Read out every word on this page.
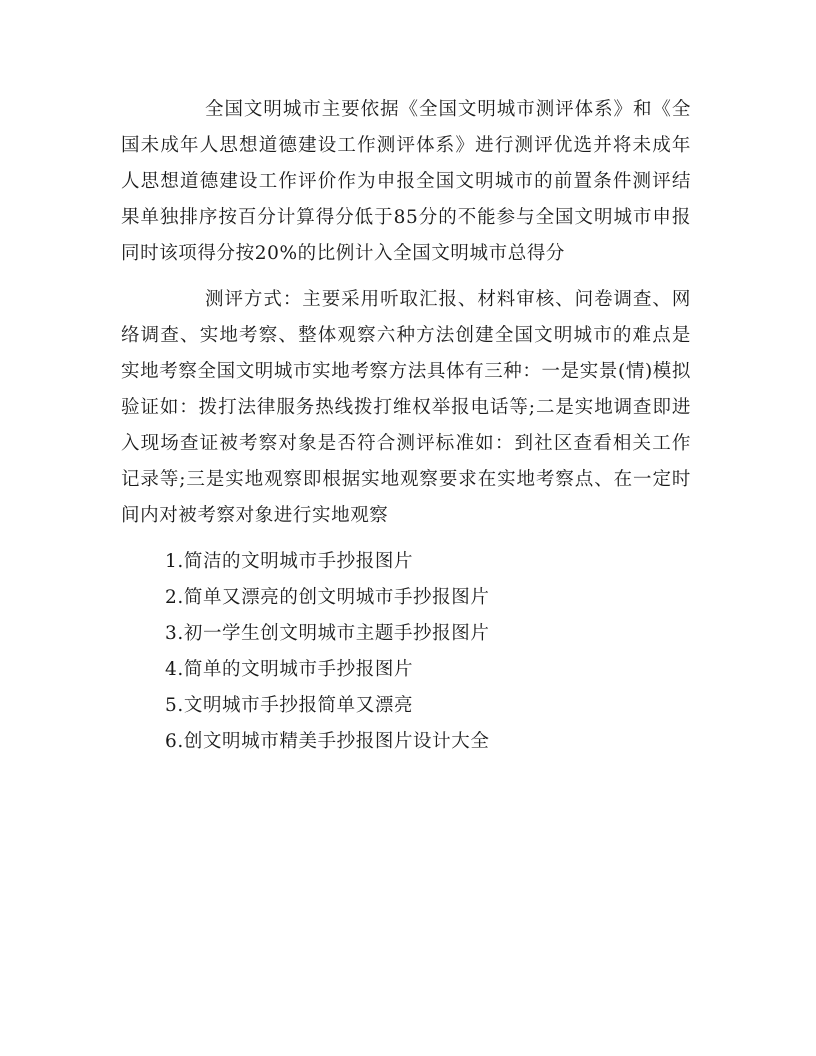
全国文明城市主要依据《全国文明城市测评体系》和《全国未成年人思想道德建设工作测评体系》进行测评优选并将未成年人思想道德建设工作评价作为申报全国文明城市的前置条件测评结果单独排序按百分计算得分低于85分的不能参与全国文明城市申报同时该项得分按20%的比例计入全国文明城市总得分

测评方式：主要采用听取汇报、材料审核、问卷调查、网络调查、实地考察、整体观察六种方法创建全国文明城市的难点是实地考察全国文明城市实地考察方法具体有三种：一是实景(情)模拟验证如：拨打法律服务热线拨打维权举报电话等;二是实地调查即进入现场查证被考察对象是否符合测评标准如：到社区查看相关工作记录等;三是实地观察即根据实地观察要求在实地考察点、在一定时间内对被考察对象进行实地观察

1.简洁的文明城市手抄报图片
2.简单又漂亮的创文明城市手抄报图片
3.初一学生创文明城市主题手抄报图片
4.简单的文明城市手抄报图片
5.文明城市手抄报简单又漂亮
6.创文明城市精美手抄报图片设计大全
